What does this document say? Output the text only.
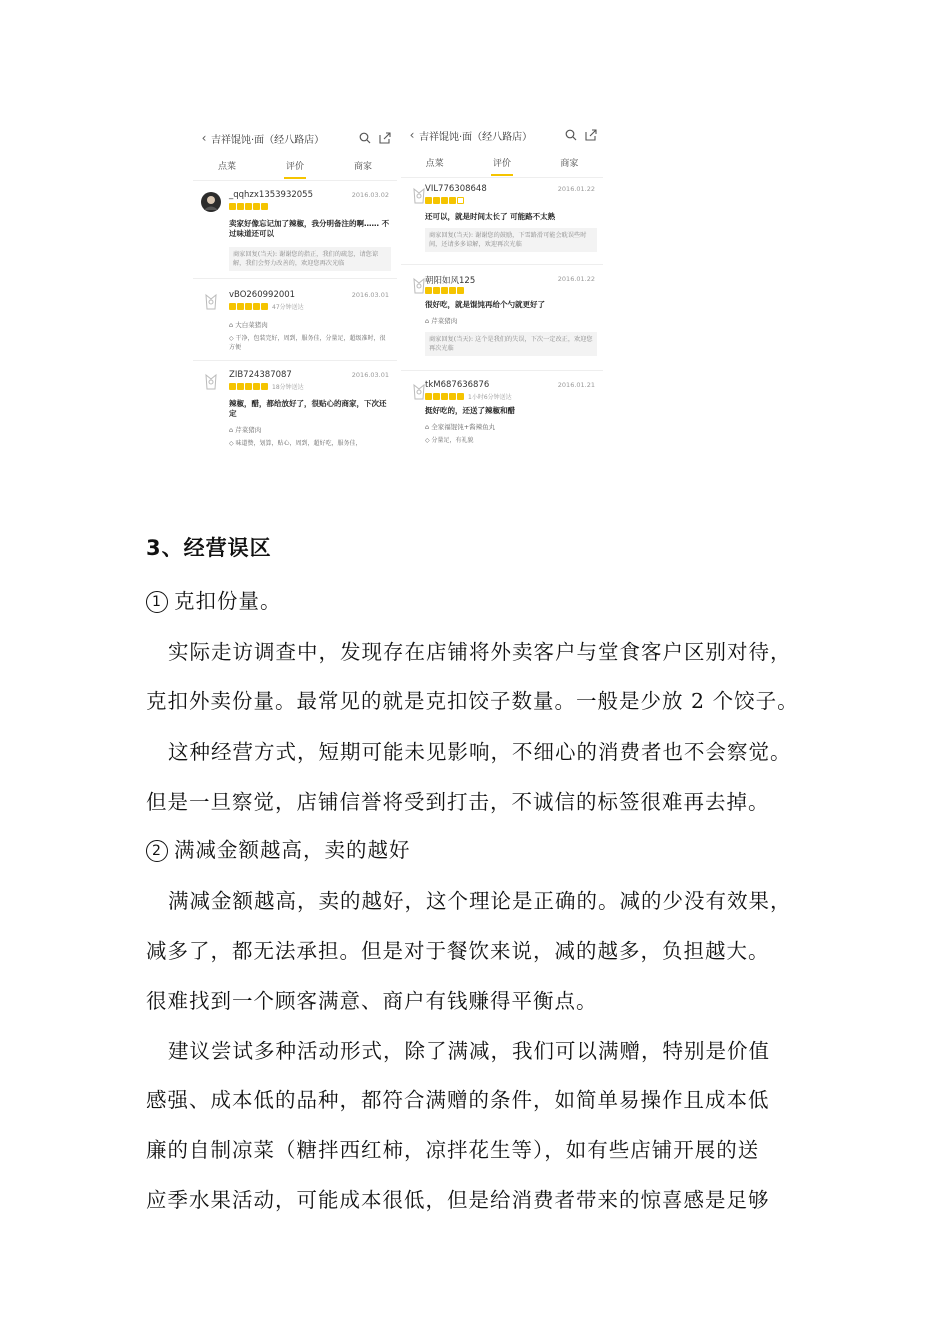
‹ 吉祥馄饨·面（经八路店）
点菜	评价	商家
_qqhzx1353932055	2016.03.02
卖家好像忘记加了辣椒，我分明备注的啊…… 不过味道还可以
商家回复(当天): 谢谢您的指正，我们的疏忽，请您谅解，我们会努力改善的，欢迎您再次光临
vBO260992001	2016.03.01
47分钟送达
⌂ 大白菜猪肉
◇ 干净，包装完好，周到，服务佳，分量足，超级准时，很方便
ZIB724387087	2016.03.01
18分钟送达
辣椒，醋，都给放好了，很贴心的商家，下次还定
⌂ 芹菜猪肉
◇ 味道赞，划算，贴心，周到，超好吃，服务佳，
‹ 吉祥馄饨·面（经八路店）
点菜	评价	商家
VIL776308648	2016.01.22
还可以，就是时间太长了 可能路不太熟
商家回复(当天): 谢谢您的鼓励，下雪路滑可能会耽误些时间，还请多多谅解，欢迎再次光临
朝阳如风125	2016.01.22
很好吃，就是馄饨再给个勺就更好了
⌂ 芹菜猪肉
商家回复(当天): 这个是我们的失误，下次一定改正，欢迎您再次光临
tkM687636876	2016.01.21
1小时6分钟送达
挺好吃的，还送了辣椒和醋
⌂ 全家福馄饨+酱辣鱼丸
◇ 分量足，有礼貌
3、经营误区
1 克扣份量。
实际走访调查中，发现存在店铺将外卖客户与堂食客户区别对待，
克扣外卖份量。最常见的就是克扣饺子数量。一般是少放 2 个饺子。
这种经营方式，短期可能未见影响，不细心的消费者也不会察觉。
但是一旦察觉，店铺信誉将受到打击，不诚信的标签很难再去掉。
2 满减金额越高，卖的越好
满减金额越高，卖的越好，这个理论是正确的。减的少没有效果，
减多了，都无法承担。但是对于餐饮来说，减的越多，负担越大。
很难找到一个顾客满意、商户有钱赚得平衡点。
建议尝试多种活动形式，除了满减，我们可以满赠，特别是价值
感强、成本低的品种，都符合满赠的条件，如简单易操作且成本低
廉的自制凉菜（糖拌西红柿，凉拌花生等），如有些店铺开展的送
应季水果活动，可能成本很低，但是给消费者带来的惊喜感是足够
